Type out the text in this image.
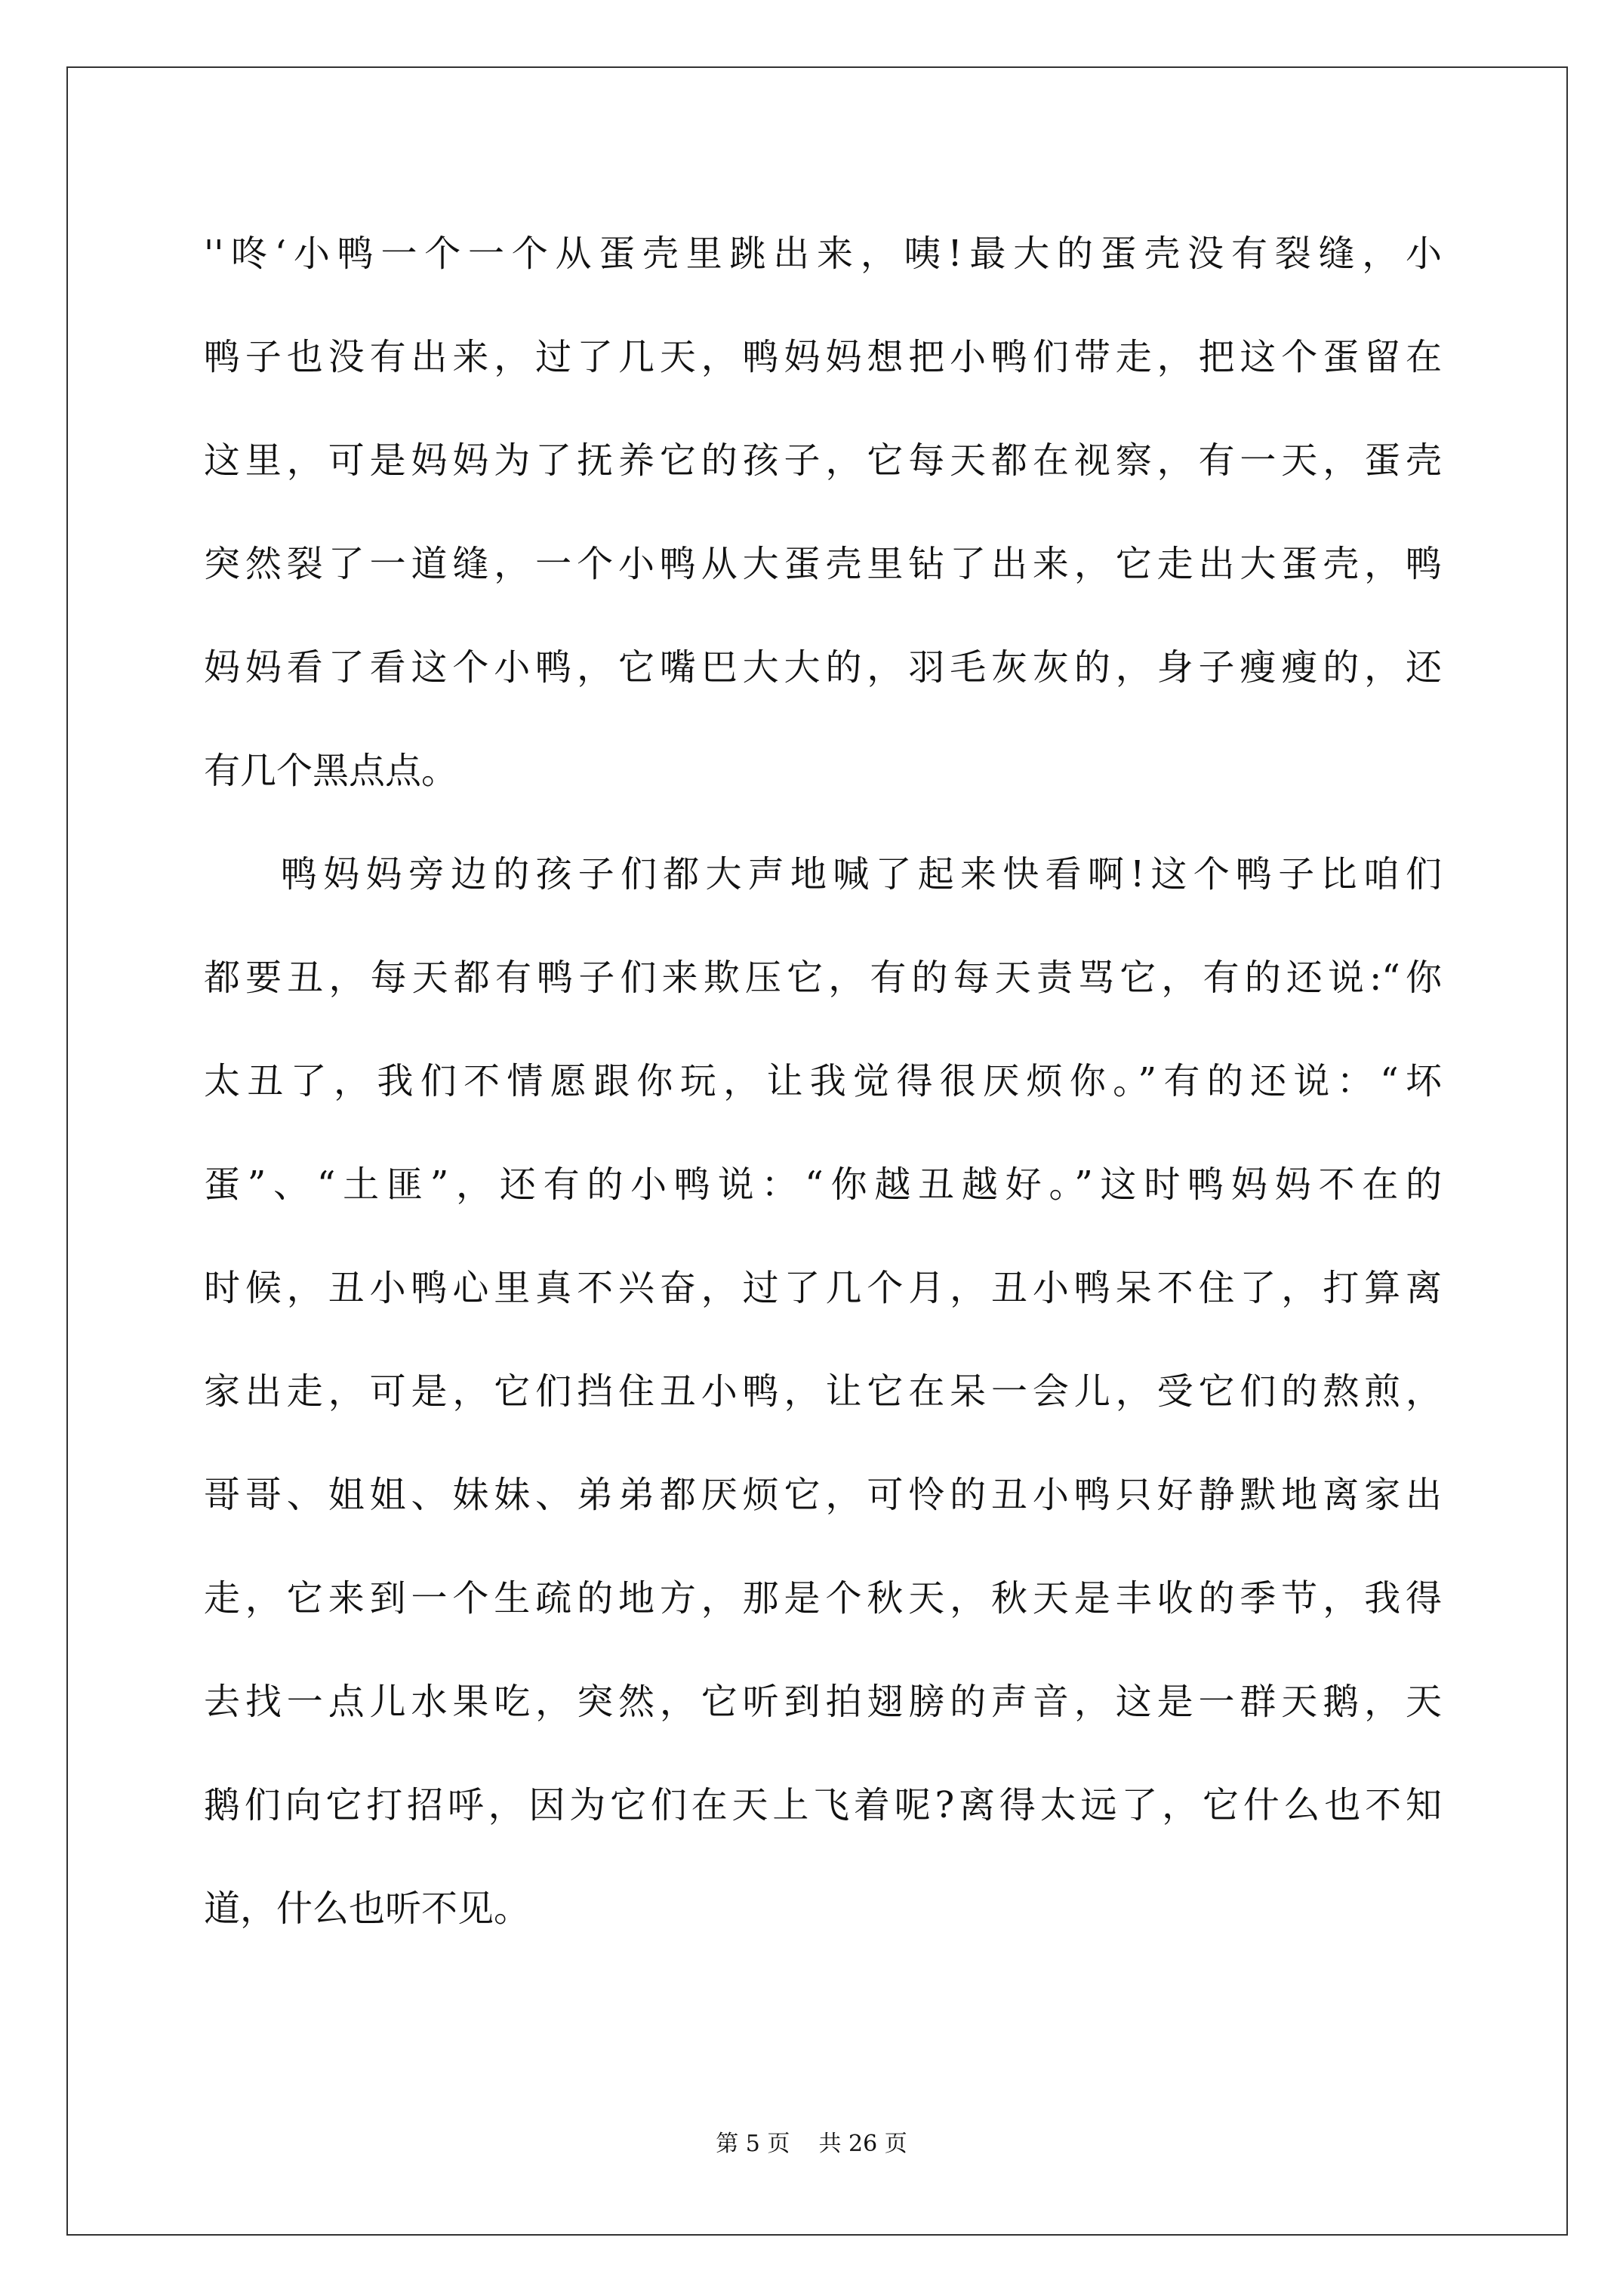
''咚‘小鸭一个一个从蛋壳里跳出来，咦!最大的蛋壳没有裂缝，小
鸭子也没有出来，过了几天，鸭妈妈想把小鸭们带走，把这个蛋留在
这里，可是妈妈为了抚养它的孩子，它每天都在视察，有一天，蛋壳
突然裂了一道缝，一个小鸭从大蛋壳里钻了出来，它走出大蛋壳，鸭
妈妈看了看这个小鸭，它嘴巴大大的，羽毛灰灰的，身子瘦瘦的，还
有几个黑点点。
鸭妈妈旁边的孩子们都大声地喊了起来快看啊!这个鸭子比咱们
都要丑，每天都有鸭子们来欺压它，有的每天责骂它，有的还说:“你
太丑了，我们不情愿跟你玩，让我觉得很厌烦你。”有的还说：“坏
蛋”、“土匪”，还有的小鸭说：“你越丑越好。”这时鸭妈妈不在的
时候，丑小鸭心里真不兴奋，过了几个月，丑小鸭呆不住了，打算离
家出走，可是，它们挡住丑小鸭，让它在呆一会儿，受它们的熬煎，
哥哥、姐姐、妹妹、弟弟都厌烦它，可怜的丑小鸭只好静默地离家出
走，它来到一个生疏的地方，那是个秋天，秋天是丰收的季节，我得
去找一点儿水果吃，突然，它听到拍翅膀的声音，这是一群天鹅，天
鹅们向它打招呼，因为它们在天上飞着呢?离得太远了，它什么也不知
道，什么也听不见。
第 5 页    共 26 页
